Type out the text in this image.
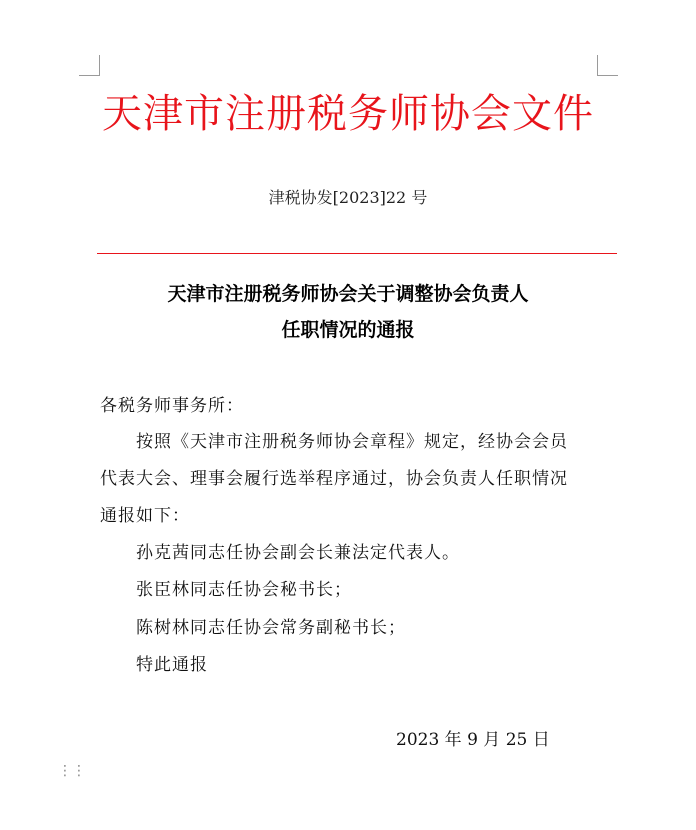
天津市注册税务师协会文件
津税协发[2023]22 号
天津市注册税务师协会关于调整协会负责人
任职情况的通报
各税务师事务所：
按照《天津市注册税务师协会章程》规定，经协会会员
代表大会、理事会履行选举程序通过，协会负责人任职情况
通报如下：
孙克茜同志任协会副会长兼法定代表人。
张臣林同志任协会秘书长；
陈树林同志任协会常务副秘书长；
特此通报
2023 年 9 月 25 日
⋮⋮
